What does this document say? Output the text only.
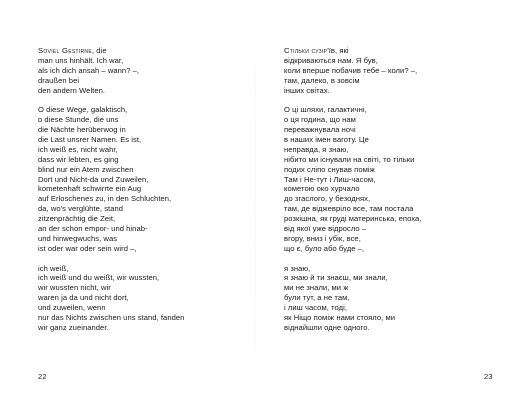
Soviel Gestirne, die
man uns hinhält. Ich war,
als ich dich ansah – wann? –,
draußen bei
den andern Welten.
O diese Wege, galaktisch,
o diese Stunde, die uns
die Nächte herüberwog in
die Last unsrer Namen. Es ist,
ich weiß es, nicht wahr,
dass wir lebten, es ging
blind nur ein Atem zwischen
Dort und Nicht-da und Zuweilen,
kometenhaft schwirrte ein Aug
auf Erloschenes zu, in den Schluchten,
da, wo's verglühte, stand
zitzenprächtig die Zeit,
an der schon empor- und hinab-
und hinwegwuchs, was
ist oder war oder sein wird –,
ich weiß,
ich weiß und du weißt, wir wussten,
wir wussten nicht, wir
waren ja da und nicht dort,
und zuweilen, wenn
nur das Nichts zwischen uns stand, fanden
wir ganz zueinander.
22
Стільки сузір'їв, які
відкриваються нам. Я був,
коли вперше побачив тебе – коли? –,
там, далеко, в зовсім
інших світах.
О ці шляхи, галактичні,
о ця година, що нам
переважнувала ночі
в наших імен ваготу. Це
неправда, я знаю,
нібито ми існували на світі, то тільки
подих сліпо снував поміж
Там і Не-тут і Лиш-часом,
кометою око хурчало
до згаслого, у безоднях,
там, де віджевріло все, там постала
розкішна, як груді материнська, епоха,
від якої уже відросло –
вгору, вниз і убік, все,
що є, було або буде –,
я знаю,
я знаю й ти знаєш, ми знали,
ми не знали, ми ж
були тут, а не там,
і лиш часом, тоді,
як Ніщо поміж нами стояло, ми
віднайшли одне одного.
23
